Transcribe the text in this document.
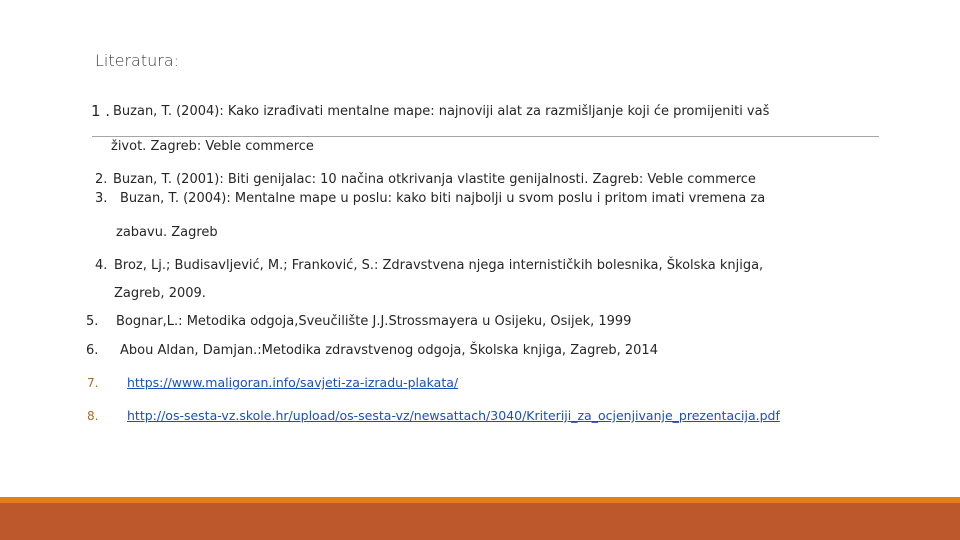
Literatura:
1 . Buzan, T. (2004): Kako izrađivati mentalne mape: najnoviji alat za razmišljanje koji će promijeniti vaš
život. Zagreb: Veble commerce
2. Buzan, T. (2001): Biti genijalac: 10 načina otkrivanja vlastite genijalnosti. Zagreb: Veble commerce
3. Buzan, T. (2004): Mentalne mape u poslu: kako biti najbolji u svom poslu i pritom imati vremena za
zabavu. Zagreb
4. Broz, Lj.; Budisavljević, M.; Franković, S.: Zdravstvena njega internističkih bolesnika, Školska knjiga,
Zagreb, 2009.
5. Bognar,L.: Metodika odgoja,Sveučilište J.J.Strossmayera u Osijeku, Osijek, 1999
6. Abou Aldan, Damjan.:Metodika zdravstvenog odgoja, Školska knjiga, Zagreb, 2014
7. https://www.maligoran.info/savjeti-za-izradu-plakata/
8. http://os-sesta-vz.skole.hr/upload/os-sesta-vz/newsattach/3040/Kriteriji_za_ocjenjivanje_prezentacija.pdf
